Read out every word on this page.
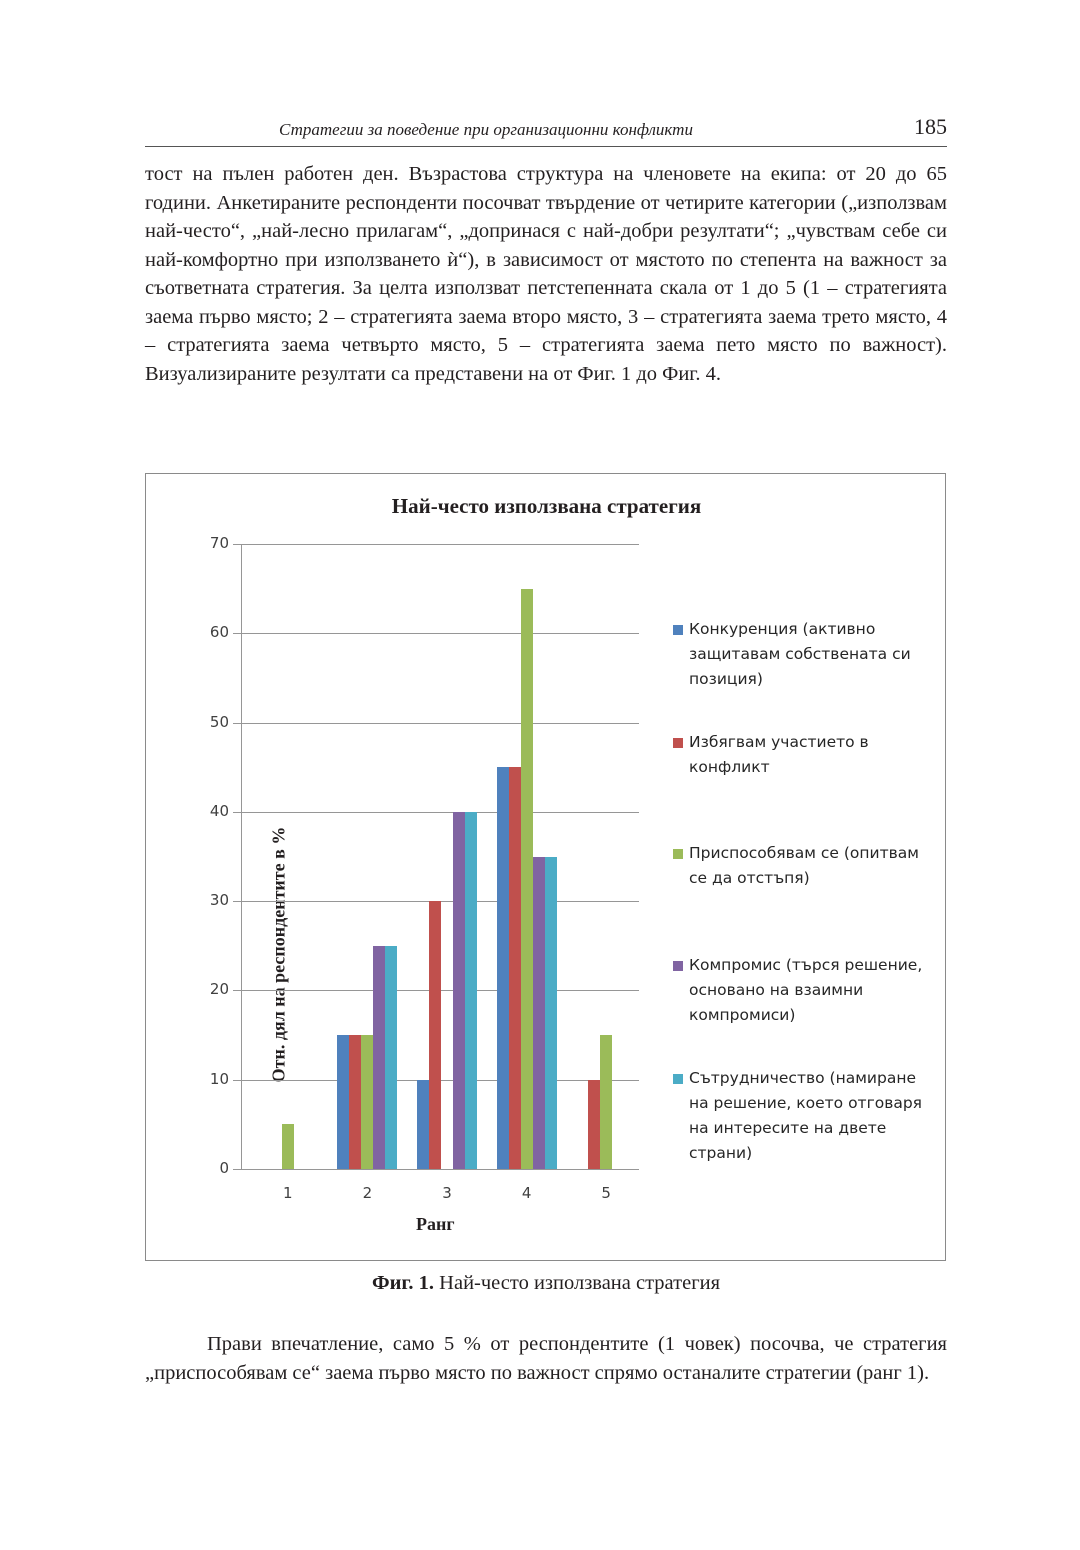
Стратегии за поведение при организационни конфликти	185

тост на пълен работен ден. Възрастова структура на членовете на екипа: от 20 до 65 години. Анкетираните респонденти посочват твърдение от четирите категории („използвам най-често“, „най-лесно прилагам“, „допринася с най-добри резултати“; „чувствам себе си най-комфортно при използването ѝ“), в зависимост от мястото по степента на важност за съответната стратегия. За целта използват петстепенната скала от 1 до 5 (1 – стратегията заема първо място; 2 – стратегията заема второ място, 3 – стратегията заема трето място, 4 – стратегията заема четвърто място, 5 – стратегията заема пето място по важност). Визуализираните резултати са представени на от Фиг. 1 до Фиг. 4.

Най-често използвана стратегия
Отн. дял на респондентите в %
0
10
20
30
40
50
60
70
1	2	3	4	5
Ранг
Конкуренция (активно защитавам собствената си позиция)
Избягвам участието в конфликт
Приспособявам се (опитвам се да отстъпя)
Компромис (търся решение, основано на взаимни компромиси)
Сътрудничество (намиране на решение, което отговаря на интересите на двете страни)
Фиг. 1. Най-често използвана стратегия

Прави впечатление, само 5 % от респондентите (1 човек) посочва, че стратегия „приспособявам се“ заема първо място по важност спрямо останалите стратегии (ранг 1).
